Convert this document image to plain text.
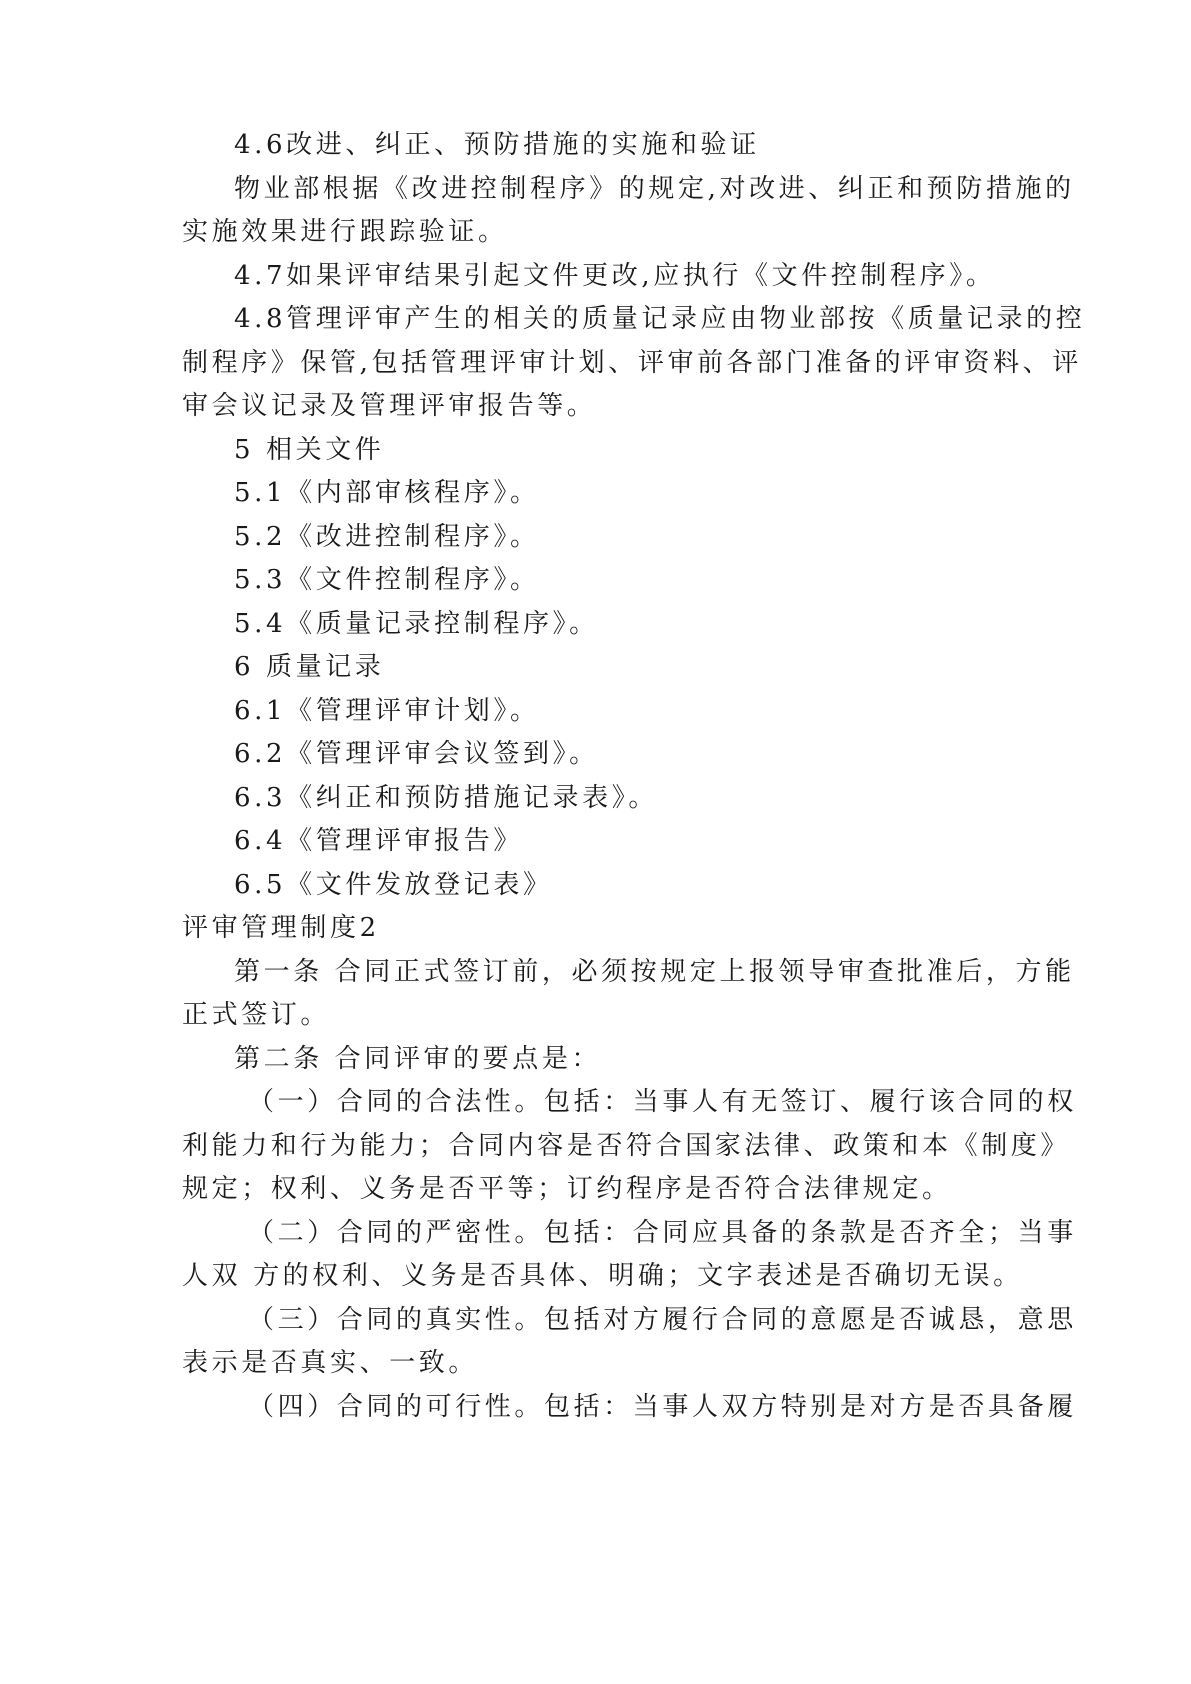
4.6改进、纠正、预防措施的实施和验证
物业部根据《改进控制程序》的规定,对改进、纠正和预防措施的
实施效果进行跟踪验证。
4.7如果评审结果引起文件更改,应执行《文件控制程序》。
4.8管理评审产生的相关的质量记录应由物业部按《质量记录的控
制程序》保管,包括管理评审计划、评审前各部门准备的评审资料、评
审会议记录及管理评审报告等。
5 相关文件
5.1《内部审核程序》。
5.2《改进控制程序》。
5.3《文件控制程序》。
5.4《质量记录控制程序》。
6 质量记录
6.1《管理评审计划》。
6.2《管理评审会议签到》。
6.3《纠正和预防措施记录表》。
6.4《管理评审报告》
6.5《文件发放登记表》
评审管理制度2
第一条 合同正式签订前，必须按规定上报领导审查批准后，方能
正式签订。
第二条 合同评审的要点是：
（一）合同的合法性。包括：当事人有无签订、履行该合同的权
利能力和行为能力；合同内容是否符合国家法律、政策和本《制度》
规定；权利、义务是否平等；订约程序是否符合法律规定。
（二）合同的严密性。包括：合同应具备的条款是否齐全；当事
人双 方的权利、义务是否具体、明确；文字表述是否确切无误。
（三）合同的真实性。包括对方履行合同的意愿是否诚恳，意思
表示是否真实、一致。
（四）合同的可行性。包括：当事人双方特别是对方是否具备履
